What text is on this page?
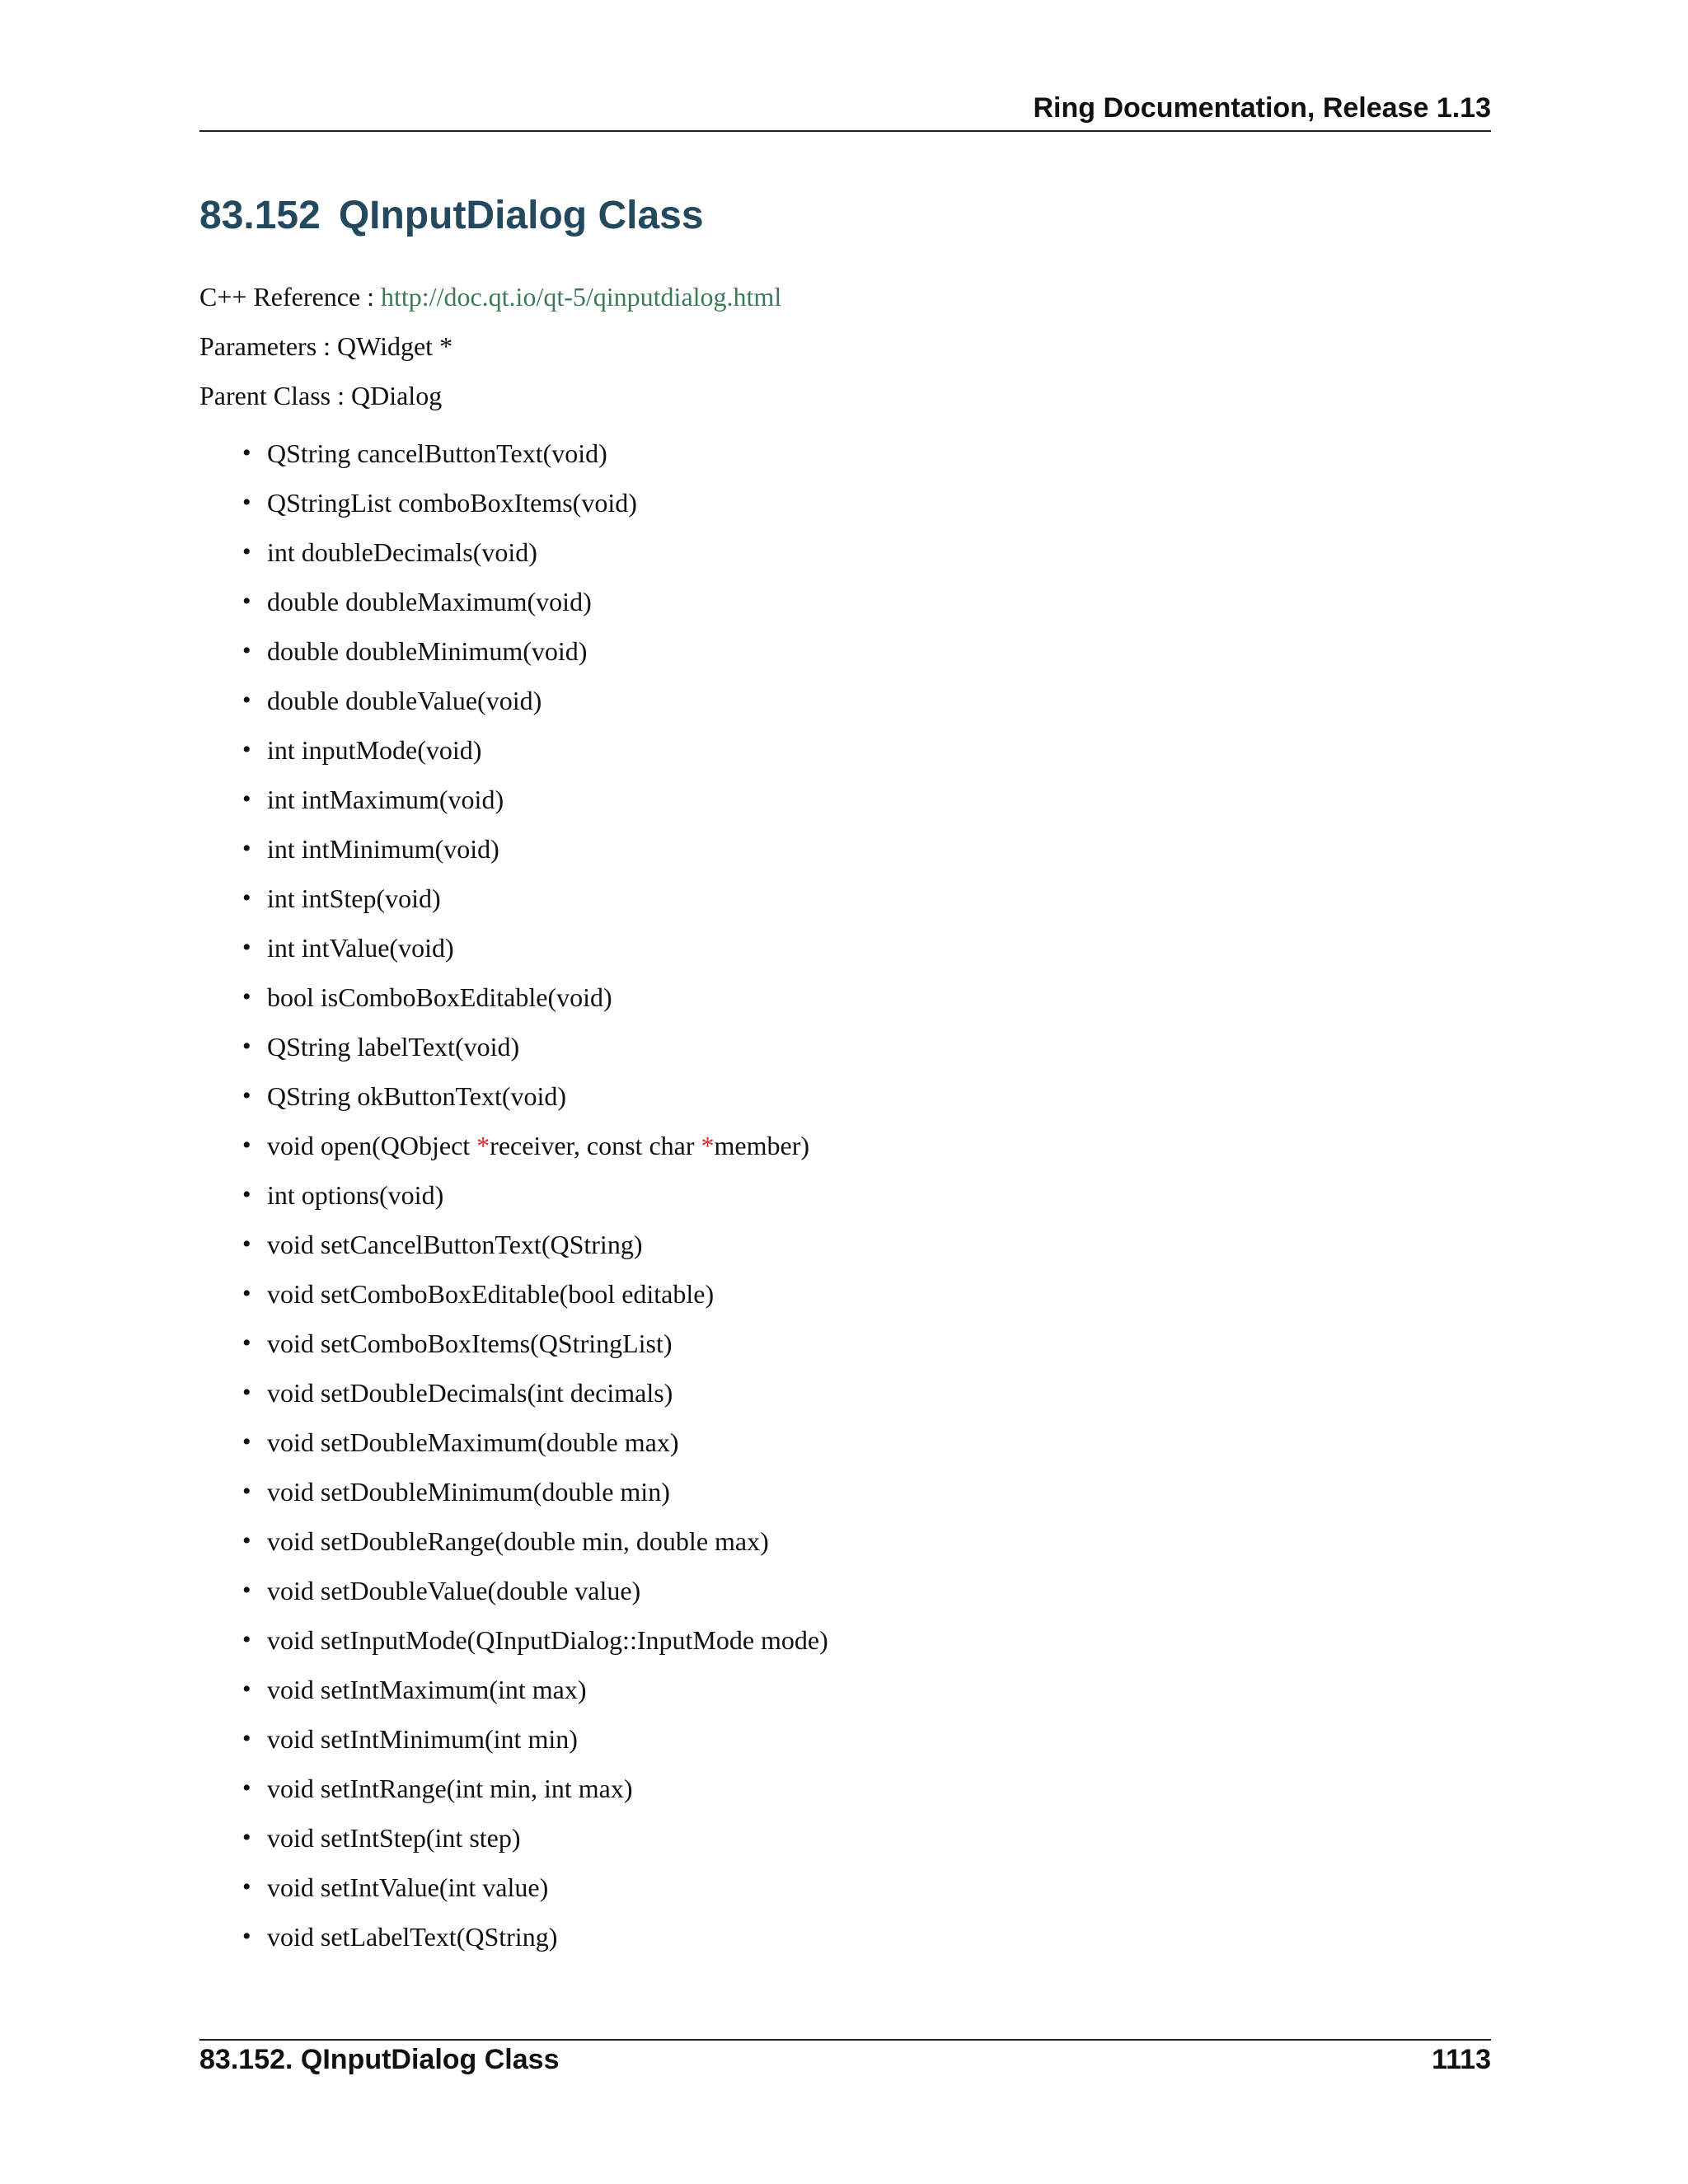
Ring Documentation, Release 1.13
83.152 QInputDialog Class
C++ Reference : http://doc.qt.io/qt-5/qinputdialog.html
Parameters : QWidget *
Parent Class : QDialog
• QString cancelButtonText(void)
• QStringList comboBoxItems(void)
• int doubleDecimals(void)
• double doubleMaximum(void)
• double doubleMinimum(void)
• double doubleValue(void)
• int inputMode(void)
• int intMaximum(void)
• int intMinimum(void)
• int intStep(void)
• int intValue(void)
• bool isComboBoxEditable(void)
• QString labelText(void)
• QString okButtonText(void)
• void open(QObject *receiver, const char *member)
• int options(void)
• void setCancelButtonText(QString)
• void setComboBoxEditable(bool editable)
• void setComboBoxItems(QStringList)
• void setDoubleDecimals(int decimals)
• void setDoubleMaximum(double max)
• void setDoubleMinimum(double min)
• void setDoubleRange(double min, double max)
• void setDoubleValue(double value)
• void setInputMode(QInputDialog::InputMode mode)
• void setIntMaximum(int max)
• void setIntMinimum(int min)
• void setIntRange(int min, int max)
• void setIntStep(int step)
• void setIntValue(int value)
• void setLabelText(QString)
83.152. QInputDialog Class	1113
